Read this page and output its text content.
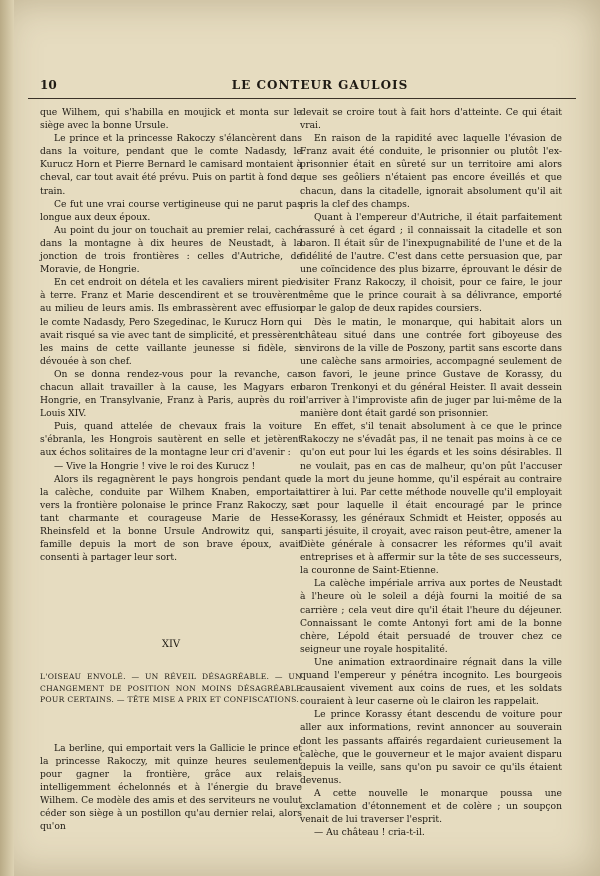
10	LE CONTEUR GAULOIS

que Wilhem, qui s'habilla en moujick et monta sur le siège avec la bonne Ursule.

Le prince et la princesse Rakoczy s'élancèrent dans dans la voiture, pendant que le comte Nadasdy, le Kurucz Horn et Pierre Bernard le camisard montaient à cheval, car tout avait été prévu. Puis on partit à fond de train.

Ce fut une vrai course vertigineuse qui ne parut pas longue aux deux époux.

Au point du jour on touchait au premier relai, caché dans la montagne à dix heures de Neustadt, à la jonction de trois frontières : celles d'Autriche, de Moravie, de Hongrie.

En cet endroit on dételа et les cavaliers mirent pied à terre. Franz et Marie descendirent et se trouvèrent au milieu de leurs amis. Ils embrassèrent avec effusion le comte Nadasdy, Pero Szegedinac, le Kurucz Horn qui avait risqué sa vie avec tant de simplicité, et pressèrent les mains de cette vaillante jeunesse si fidèle, si dévouée à son chef.

On se donna rendez-vous pour la revanche, car chacun allait travailler à la cause, les Magyars en Hongrie, en Transylvanie, Franz à Paris, auprès du roi Louis XIV.

Puis, quand attelée de chevaux frais la voiture s'ébranla, les Hongrois sautèrent en selle et jetèrent aux échos solitaires de la montagne leur cri d'avenir :

— Vive la Hongrie ! vive le roi des Kurucz !

Alors ils regagnèrent le pays hongrois pendant que la calèche, conduite par Wilhem Knaben, emportait vers la frontière polonaise le prince Franz Rakoczy, sa tant charmante et courageuse Marie de Hesse-Rheinsfeld et la bonne Ursule Androwitz qui, sans famille depuis la mort de son brave époux, avait consenti à partager leur sort.

XIV

L'OISEAU ENVOLÉ. — UN RÉVEIL DÉSAGRÉABLE. — UN CHANGEMENT DE POSITION NON MOINS DÉSAGRÉABLE POUR CERTAINS. — TÊTE MISE A PRIX ET CONFISCATIONS.

La berline, qui emportait vers la Gallicie le prince et la princesse Rakoczy, mit quinze heures seulement pour gagner la frontière, grâce aux relais intelligemment échelonnés et à l'énergie du brave Wilhem. Ce modèle des amis et des serviteurs ne voulut céder son siège à un postillon qu'au dernier relai, alors qu'on

devait se croire tout à fait hors d'atteinte. Ce qui était vrai.

En raison de la rapidité avec laquelle l'évasion de Franz avait été conduite, le prisonnier ou plutôt l'ex-prisonnier était en sûreté sur un territoire ami alors que ses geôliers n'étaient pas encore éveillés et que chacun, dans la citadelle, ignorait absolument qu'il ait pris la clef des champs.

Quant à l'empereur d'Autriche, il était parfaitement rassuré à cet égard ; il connaissait la citadelle et son baron. Il était sûr de l'inexpugnabilité de l'une et de la fidélité de l'autre. C'est dans cette persuasion que, par une coïncidence des plus bizarre, éprouvant le désir de visiter Franz Rakoczy, il choisit, pour ce faire, le jour même que le prince courait à sa délivrance, emporté par le galop de deux rapides coursiers.

Dès le matin, le monarque, qui habitait alors un château situé dans une contrée fort giboyeuse des environs de la ville de Poszony, partit sans escorte dans une calèche sans armoiries, accompagné seulement de son favori, le jeune prince Gustave de Korassy, du baron Trenkonyi et du général Heister. Il avait dessein d'arriver à l'improviste afin de juger par lui-même de la manière dont était gardé son prisonnier.

En effet, s'il tenait absolument à ce que le prince Rakoczy ne s'évadât pas, il ne tenait pas moins à ce ce qu'on eut pour lui les égards et les soins désirables. Il ne voulait, pas en cas de malheur, qu'on pût l'accuser de la mort du jeune homme, qu'il espérait au contraire attirer à lui. Par cette méthode nouvelle qu'il employait et pour laquelle il était encouragé par le prince Korassy, les généraux Schmidt et Heister, opposés au parti jésuite, il croyait, avec raison peut-être, amener la Diète générale à consacrer les réformes qu'il avait entreprises et à affermir sur la tête de ses successeurs, la couronne de Saint-Etienne.

La calèche impériale arriva aux portes de Neustadt à l'heure où le soleil a déjà fourni la moitié de sa carrière ; cela veut dire qu'il était l'heure du déjeuner. Connaissant le comte Antonyi fort ami de la bonne chère, Lépold était persuadé de trouver chez ce seigneur une royale hospitalité.

Une animation extraordinaire régnait dans la ville quand l'empereur y pénétra incognito. Les bourgeois causaient vivement aux coins de rues, et les soldats couraient à leur caserne où le clairon les rappelait.

Le prince Korassy étant descendu de voiture pour aller aux informations, revint annoncer au souverain dont les passants affairés regardaient curieusement la calèche, que le gouverneur et le major avaient disparu depuis la veille, sans qu'on pu savoir ce qu'ils étaient devenus.

A cette nouvelle le monarque poussa une exclamation d'étonnement et de colère ; un soupçon venait de lui traverser l'esprit.

— Au château ! cria-t-il.
